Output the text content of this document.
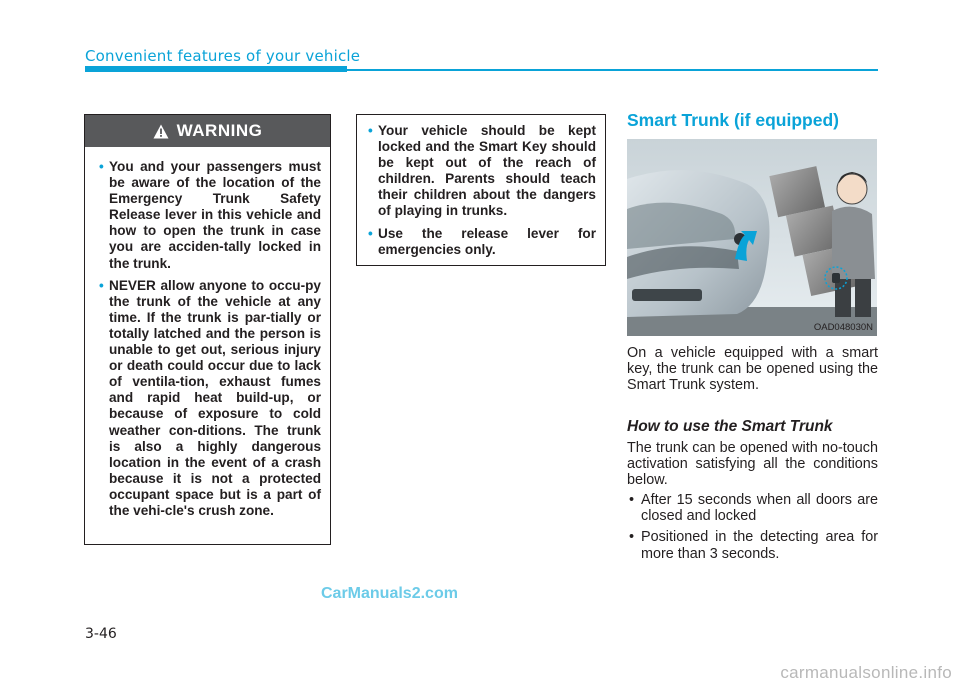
Convenient features of your vehicle
WARNING
• You and your passengers must be aware of the location of the Emergency Trunk Safety Release lever in this vehicle and how to open the trunk in case you are acciden-tally locked in the trunk.
• NEVER allow anyone to occu-py the trunk of the vehicle at any time. If the trunk is par-tially or totally latched and the person is unable to get out, serious injury or death could occur due to lack of ventila-tion, exhaust fumes and rapid heat build-up, or because of exposure to cold weather con-ditions. The trunk is also a highly dangerous location in the event of a crash because it is not a protected occupant space but is a part of the vehi-cle's crush zone.
• Your vehicle should be kept locked and the Smart Key should be kept out of the reach of children. Parents should teach their children about the dangers of playing in trunks.
• Use the release lever for emergencies only.
Smart Trunk (if equipped)
OAD048030N
On a vehicle equipped with a smart key, the trunk can be opened using the Smart Trunk system.
How to use the Smart Trunk
The trunk can be opened with no-touch activation satisfying all the conditions below.
• After 15 seconds when all doors are closed and locked
• Positioned in the detecting area for more than 3 seconds.
CarManuals2.com
3-46
carmanualsonline.info
